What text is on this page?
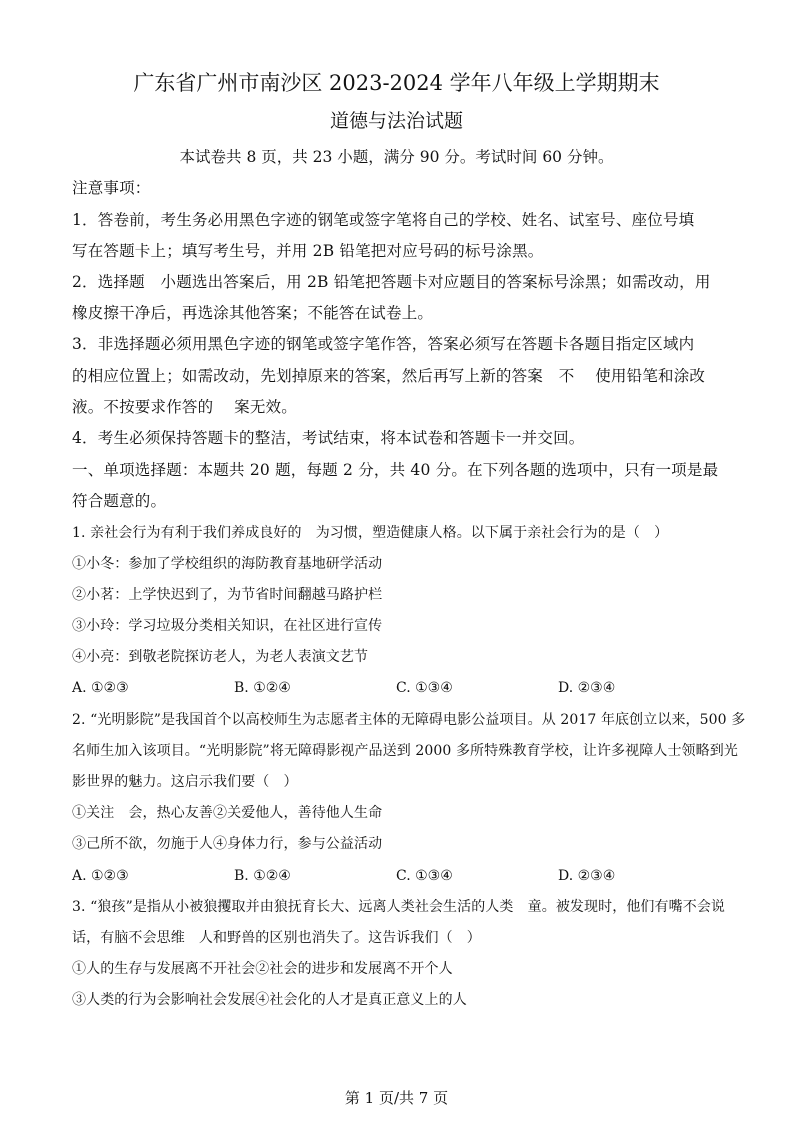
广东省广州市南沙区 2023-2024 学年八年级上学期期末
道德与法治试题
本试卷共 8 页，共 23 小题，满分 90 分。考试时间 60 分钟。
注意事项：
1．答卷前，考生务必用黑色字迹的钢笔或签字笔将自己的学校、姓名、试室号、座位号填
写在答题卡上；填写考生号，并用 2B 铅笔把对应号码的标号涂黑。
2．选择题　小题选出答案后，用 2B 铅笔把答题卡对应题目的答案标号涂黑；如需改动，用
橡皮擦干净后，再选涂其他答案；不能答在试卷上。
3．非选择题必须用黑色字迹的钢笔或签字笔作答，答案必须写在答题卡各题目指定区域内
的相应位置上；如需改动，先划掉原来的答案，然后再写上新的答案　不　 使用铅笔和涂改
液。不按要求作答的　 案无效。
4．考生必须保持答题卡的整洁，考试结束，将本试卷和答题卡一并交回。
一、单项选择题：本题共 20 题，每题 2 分，共 40 分。在下列各题的选项中，只有一项是最
符合题意的。
1. 亲社会行为有利于我们养成良好的　为习惯，塑造健康人格。以下属于亲社会行为的是（　）
①小冬：参加了学校组织的海防教育基地研学活动
②小茗：上学快迟到了，为节省时间翻越马路护栏
③小玲：学习垃圾分类相关知识，在社区进行宣传
④小亮：到敬老院探访老人，为老人表演文艺节
A. ①②③	B. ①②④	C. ①③④	D. ②③④
2. “光明影院”是我国首个以高校师生为志愿者主体的无障碍电影公益项目。从 2017 年底创立以来，500 多
名师生加入该项目。“光明影院”将无障碍影视产品送到 2000 多所特殊教育学校，让许多视障人士领略到光
影世界的魅力。这启示我们要（　）
①关注　会，热心友善②关爱他人，善待他人生命
③己所不欲，勿施于人④身体力行，参与公益活动
A. ①②③	B. ①②④	C. ①③④	D. ②③④
3. “狼孩”是指从小被狼攫取并由狼抚育长大、远离人类社会生活的人类　童。被发现时，他们有嘴不会说
话，有脑不会思维　人和野兽的区别也消失了。这告诉我们（　）
①人的生存与发展离不开社会②社会的进步和发展离不开个人
③人类的行为会影响社会发展④社会化的人才是真正意义上的人
第 1 页/共 7 页
